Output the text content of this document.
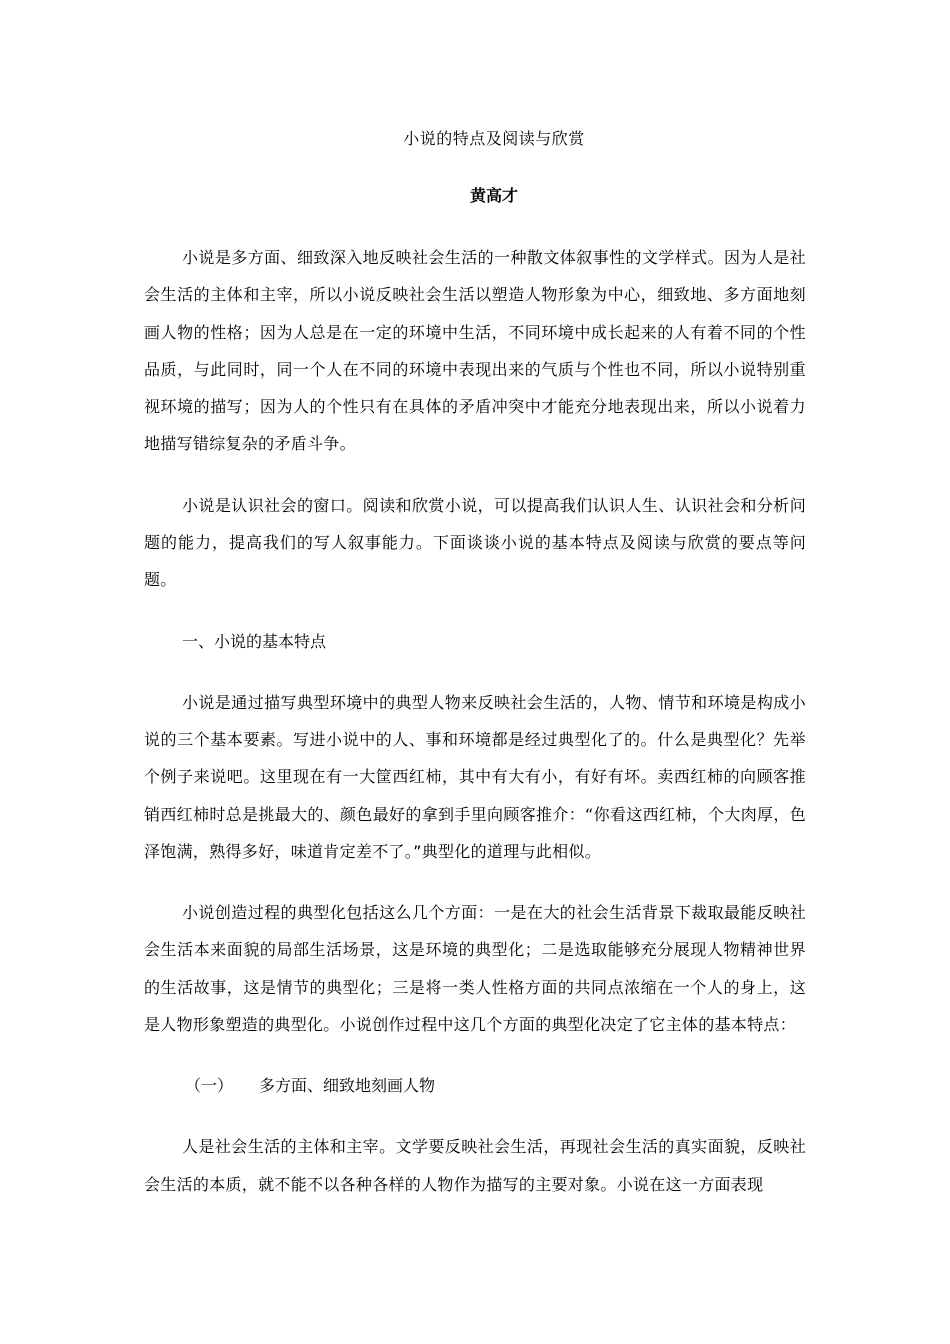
小说的特点及阅读与欣赏
黄高才

小说是多方面、细致深入地反映社会生活的一种散文体叙事性的文学样式。因为人是社会生活的主体和主宰，所以小说反映社会生活以塑造人物形象为中心，细致地、多方面地刻画人物的性格；因为人总是在一定的环境中生活，不同环境中成长起来的人有着不同的个性品质，与此同时，同一个人在不同的环境中表现出来的气质与个性也不同，所以小说特别重视环境的描写；因为人的个性只有在具体的矛盾冲突中才能充分地表现出来，所以小说着力地描写错综复杂的矛盾斗争。

小说是认识社会的窗口。阅读和欣赏小说，可以提高我们认识人生、认识社会和分析问题的能力，提高我们的写人叙事能力。下面谈谈小说的基本特点及阅读与欣赏的要点等问题。

一、小说的基本特点

小说是通过描写典型环境中的典型人物来反映社会生活的，人物、情节和环境是构成小说的三个基本要素。写进小说中的人、事和环境都是经过典型化了的。什么是典型化？先举个例子来说吧。这里现在有一大筐西红柿，其中有大有小，有好有坏。卖西红柿的向顾客推销西红柿时总是挑最大的、颜色最好的拿到手里向顾客推介：“你看这西红柿，个大肉厚，色泽饱满，熟得多好，味道肯定差不了。”典型化的道理与此相似。

小说创造过程的典型化包括这么几个方面：一是在大的社会生活背景下裁取最能反映社会生活本来面貌的局部生活场景，这是环境的典型化；二是选取能够充分展现人物精神世界的生活故事，这是情节的典型化；三是将一类人性格方面的共同点浓缩在一个人的身上，这是人物形象塑造的典型化。小说创作过程中这几个方面的典型化决定了它主体的基本特点：

（一） 多方面、细致地刻画人物

人是社会生活的主体和主宰。文学要反映社会生活，再现社会生活的真实面貌，反映社会生活的本质，就不能不以各种各样的人物作为描写的主要对象。小说在这一方面表现
